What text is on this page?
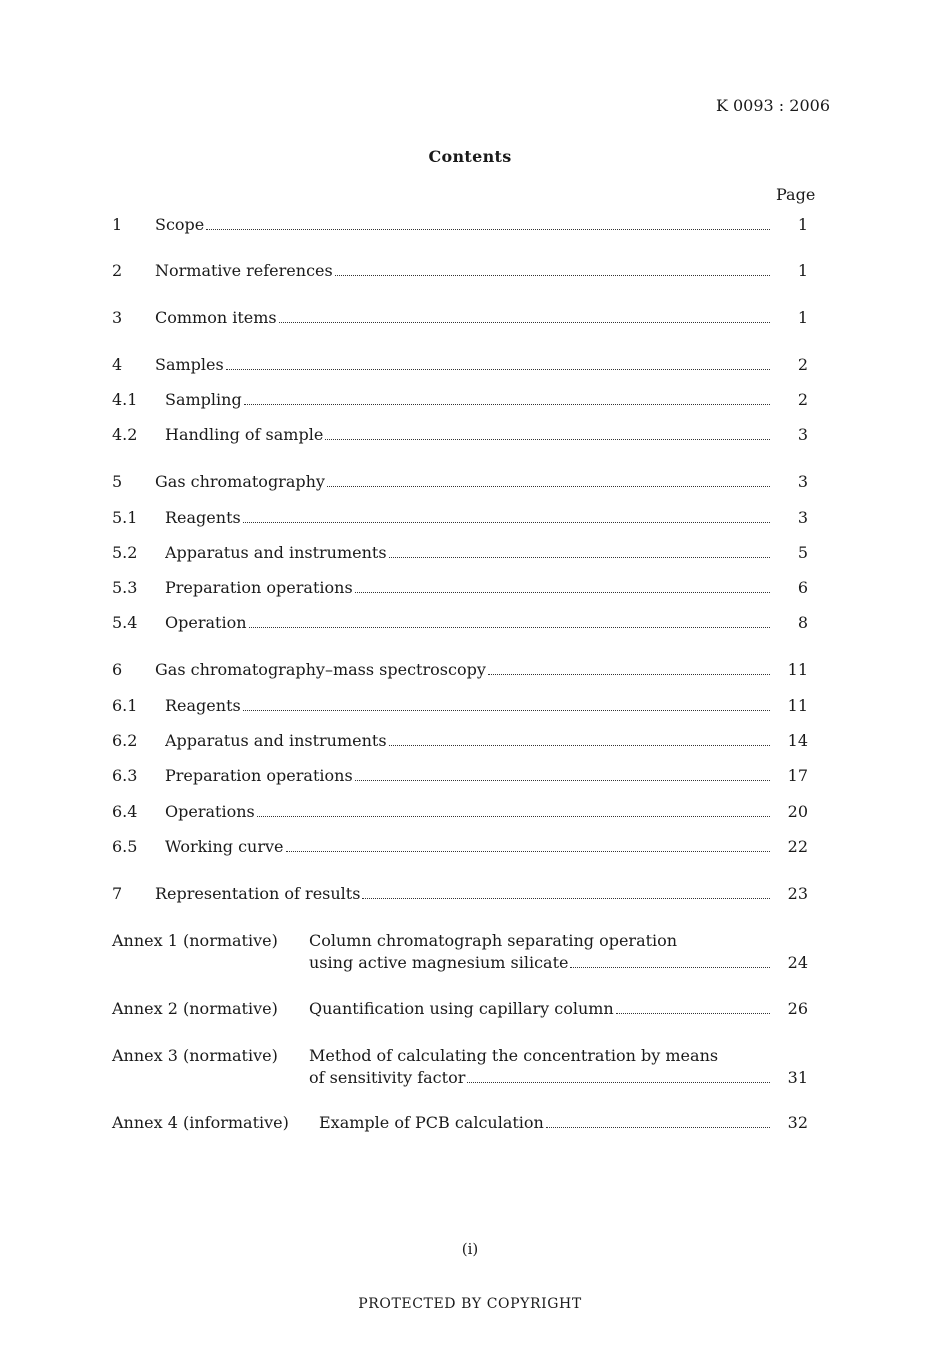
K 0093 : 2006
Contents
Page
1 Scope	1
2 Normative references	1
3 Common items	1
4 Samples	2
4.1 Sampling	2
4.2 Handling of sample	3
5 Gas chromatography	3
5.1 Reagents	3
5.2 Apparatus and instruments	5
5.3 Preparation operations	6
5.4 Operation	8
6 Gas chromatography–mass spectroscopy	11
6.1 Reagents	11
6.2 Apparatus and instruments	14
6.3 Preparation operations	17
6.4 Operations	20
6.5 Working curve	22
7 Representation of results	23
Annex 1 (normative) Column chromatograph separating operation
using active magnesium silicate	24
Annex 2 (normative) Quantification using capillary column	26
Annex 3 (normative) Method of calculating the concentration by means
of sensitivity factor	31
Annex 4 (informative) Example of PCB calculation	32
(i)
PROTECTED BY COPYRIGHT
